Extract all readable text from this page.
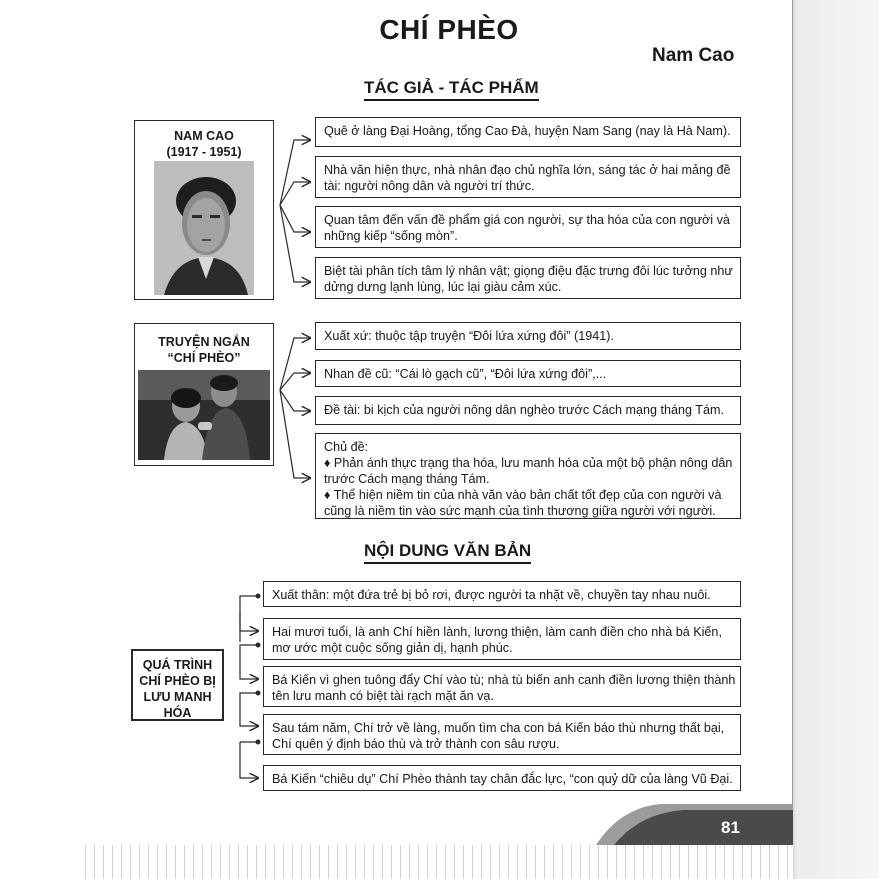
CHÍ PHÈO
Nam Cao
TÁC GIẢ - TÁC PHẨM
NAM CAO
(1917 - 1951)
TRUYỆN NGẮN
“CHÍ PHÈO”
Quê ở làng Đại Hoàng, tổng Cao Đà, huyện Nam Sang (nay là Hà Nam).
Nhà văn hiện thực, nhà nhân đạo chủ nghĩa lớn, sáng tác ở hai mảng đề
tài: người nông dân và người trí thức.
Quan tâm đến vấn đề phẩm giá con người, sự tha hóa của con người và
những kiếp “sống mòn”.
Biệt tài phân tích tâm lý nhân vật; giọng điệu đặc trưng đôi lúc tưởng như
dửng dưng lạnh lùng, lúc lại giàu cảm xúc.
Xuất xứ: thuộc tập truyện “Đôi lứa xứng đôi” (1941).
Nhan đề cũ: “Cái lò gạch cũ”, “Đôi lứa xứng đôi”,...
Đề tài: bi kịch của người nông dân nghèo trước Cách mạng tháng Tám.
Chủ đề:
♦ Phản ánh thực trạng tha hóa, lưu manh hóa của một bộ phận nông dân
trước Cách mạng tháng Tám.
♦ Thể hiện niềm tin của nhà văn vào bản chất tốt đẹp của con người và
cũng là niềm tin vào sức mạnh của tình thương giữa người với người.
NỘI DUNG VĂN BẢN
QUÁ TRÌNH
CHÍ PHÈO BỊ
LƯU MANH
HÓA
Xuất thân: một đứa trẻ bị bỏ rơi, được người ta nhặt về, chuyền tay nhau nuôi.
Hai mươi tuổi, là anh Chí hiền lành, lương thiện, làm canh điền cho nhà bá Kiến,
mơ ước một cuộc sống giản dị, hạnh phúc.
Bá Kiến vì ghen tuông đẩy Chí vào tù; nhà tù biến anh canh điền lương thiện thành
tên lưu manh có biệt tài rạch mặt ăn vạ.
Sau tám năm, Chí trở về làng, muốn tìm cha con bá Kiến báo thù nhưng thất bại,
Chí quên ý định báo thù và trở thành con sâu rượu.
Bá Kiến “chiêu dụ” Chí Phèo thành tay chân đắc lực, “con quỷ dữ của làng Vũ Đại.
81
